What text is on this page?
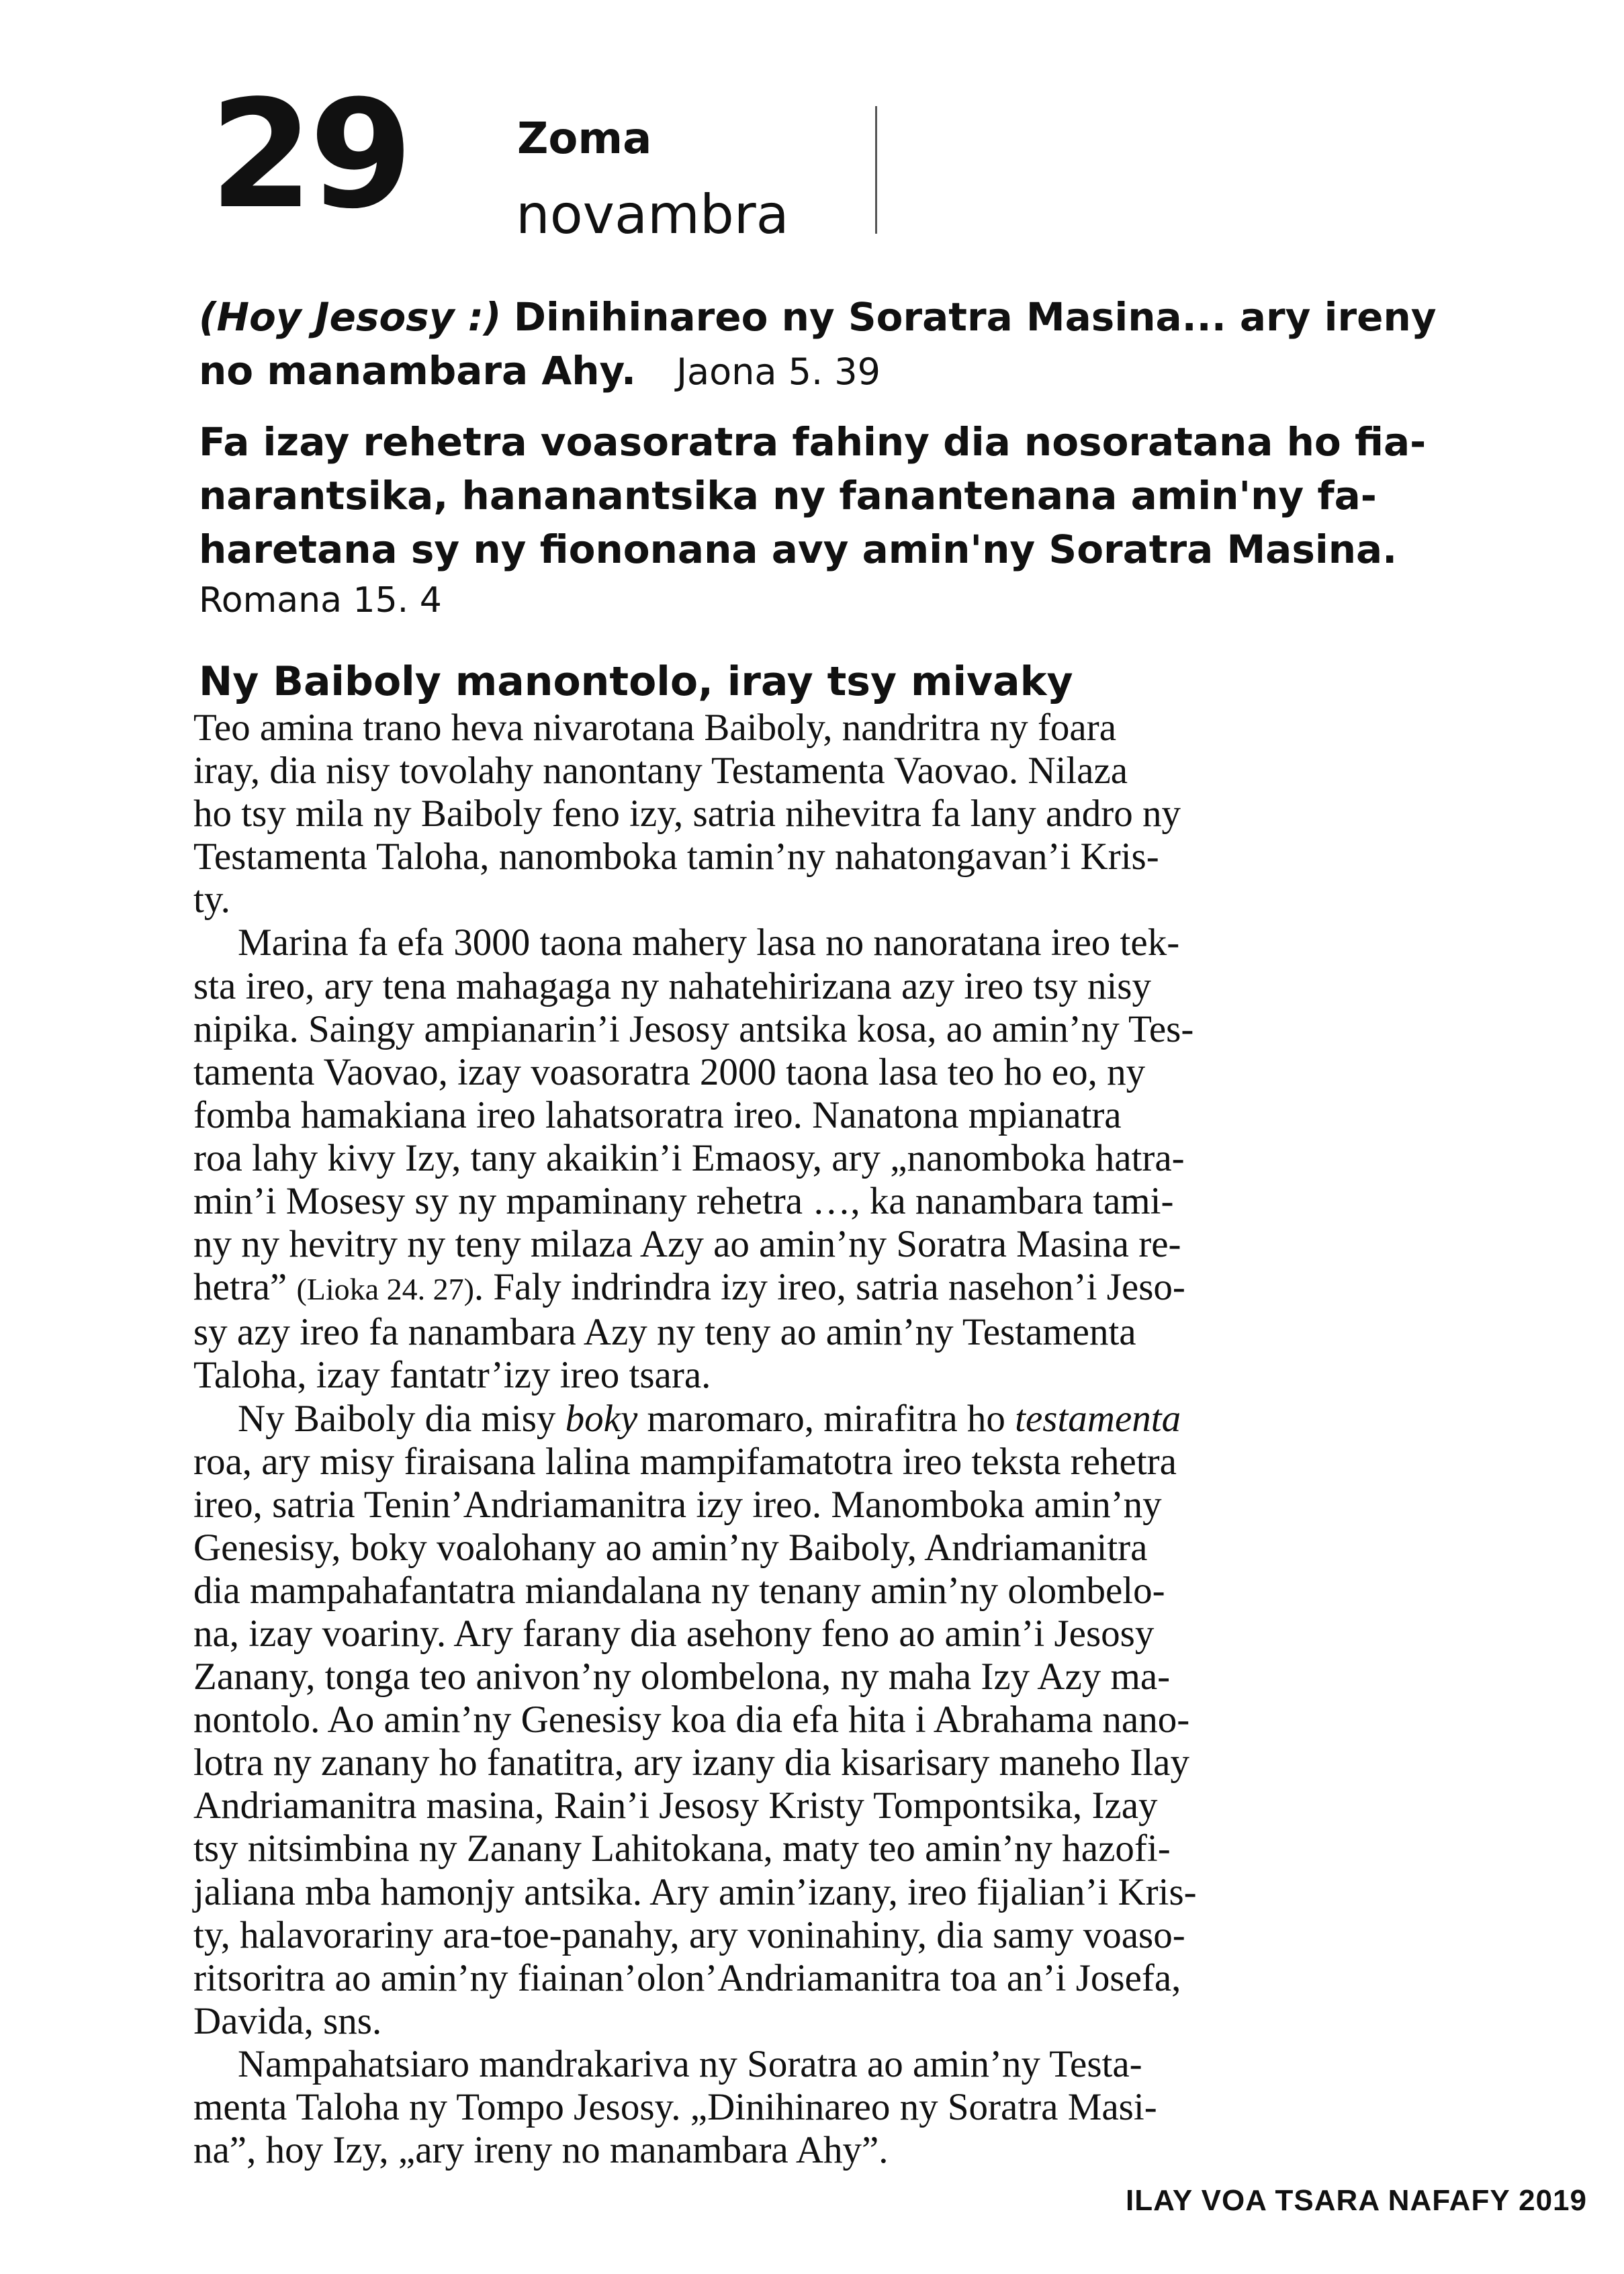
29	Zoma
novambra
(Hoy Jesosy :) Dinihinareo ny Soratra Masina... ary ireny
no manambara Ahy. Jaona 5. 39
Fa izay rehetra voasoratra fahiny dia nosoratana ho fia-
narantsika, hananantsika ny fanantenana amin'ny fa-
haretana sy ny fiononana avy amin'ny Soratra Masina.
Romana 15. 4
Ny Baiboly manontolo, iray tsy mivaky
Teo amina trano heva nivarotana Baiboly, nandritra ny foara
iray, dia nisy tovolahy nanontany Testamenta Vaovao. Nilaza
ho tsy mila ny Baiboly feno izy, satria nihevitra fa lany andro ny
Testamenta Taloha, nanomboka tamin’ny nahatongavan’i Kris-
ty.
Marina fa efa 3000 taona mahery lasa no nanoratana ireo tek-
sta ireo, ary tena mahagaga ny nahatehirizana azy ireo tsy nisy
nipika. Saingy ampianarin’i Jesosy antsika kosa, ao amin’ny Tes-
tamenta Vaovao, izay voasoratra 2000 taona lasa teo ho eo, ny
fomba hamakiana ireo lahatsoratra ireo. Nanatona mpianatra
roa lahy kivy Izy, tany akaikin’i Emaosy, ary „nanomboka hatra-
min’i Mosesy sy ny mpaminany rehetra …, ka nanambara tami-
ny ny hevitry ny teny milaza Azy ao amin’ny Soratra Masina re-
hetra” (Lioka 24. 27). Faly indrindra izy ireo, satria nasehon’i Jeso-
sy azy ireo fa nanambara Azy ny teny ao amin’ny Testamenta
Taloha, izay fantatr’izy ireo tsara.
Ny Baiboly dia misy boky maromaro, mirafitra ho testamenta
roa, ary misy firaisana lalina mampifamatotra ireo teksta rehetra
ireo, satria Tenin’Andriamanitra izy ireo. Manomboka amin’ny
Genesisy, boky voalohany ao amin’ny Baiboly, Andriamanitra
dia mampahafantatra miandalana ny tenany amin’ny olombelo-
na, izay voariny. Ary farany dia asehony feno ao amin’i Jesosy
Zanany, tonga teo anivon’ny olombelona, ny maha Izy Azy ma-
nontolo. Ao amin’ny Genesisy koa dia efa hita i Abrahama nano-
lotra ny zanany ho fanatitra, ary izany dia kisarisary maneho Ilay
Andriamanitra masina, Rain’i Jesosy Kristy Tompontsika, Izay
tsy nitsimbina ny Zanany Lahitokana, maty teo amin’ny hazofi-
jaliana mba hamonjy antsika. Ary amin’izany, ireo fijalian’i Kris-
ty, halavorariny ara-toe-panahy, ary voninahiny, dia samy voaso-
ritsoritra ao amin’ny fiainan’olon’Andriamanitra toa an’i Josefa,
Davida, sns.
Nampahatsiaro mandrakariva ny Soratra ao amin’ny Testa-
menta Taloha ny Tompo Jesosy. „Dinihinareo ny Soratra Masi-
na”, hoy Izy, „ary ireny no manambara Ahy”.
ILAY VOA TSARA NAFAFY 2019
